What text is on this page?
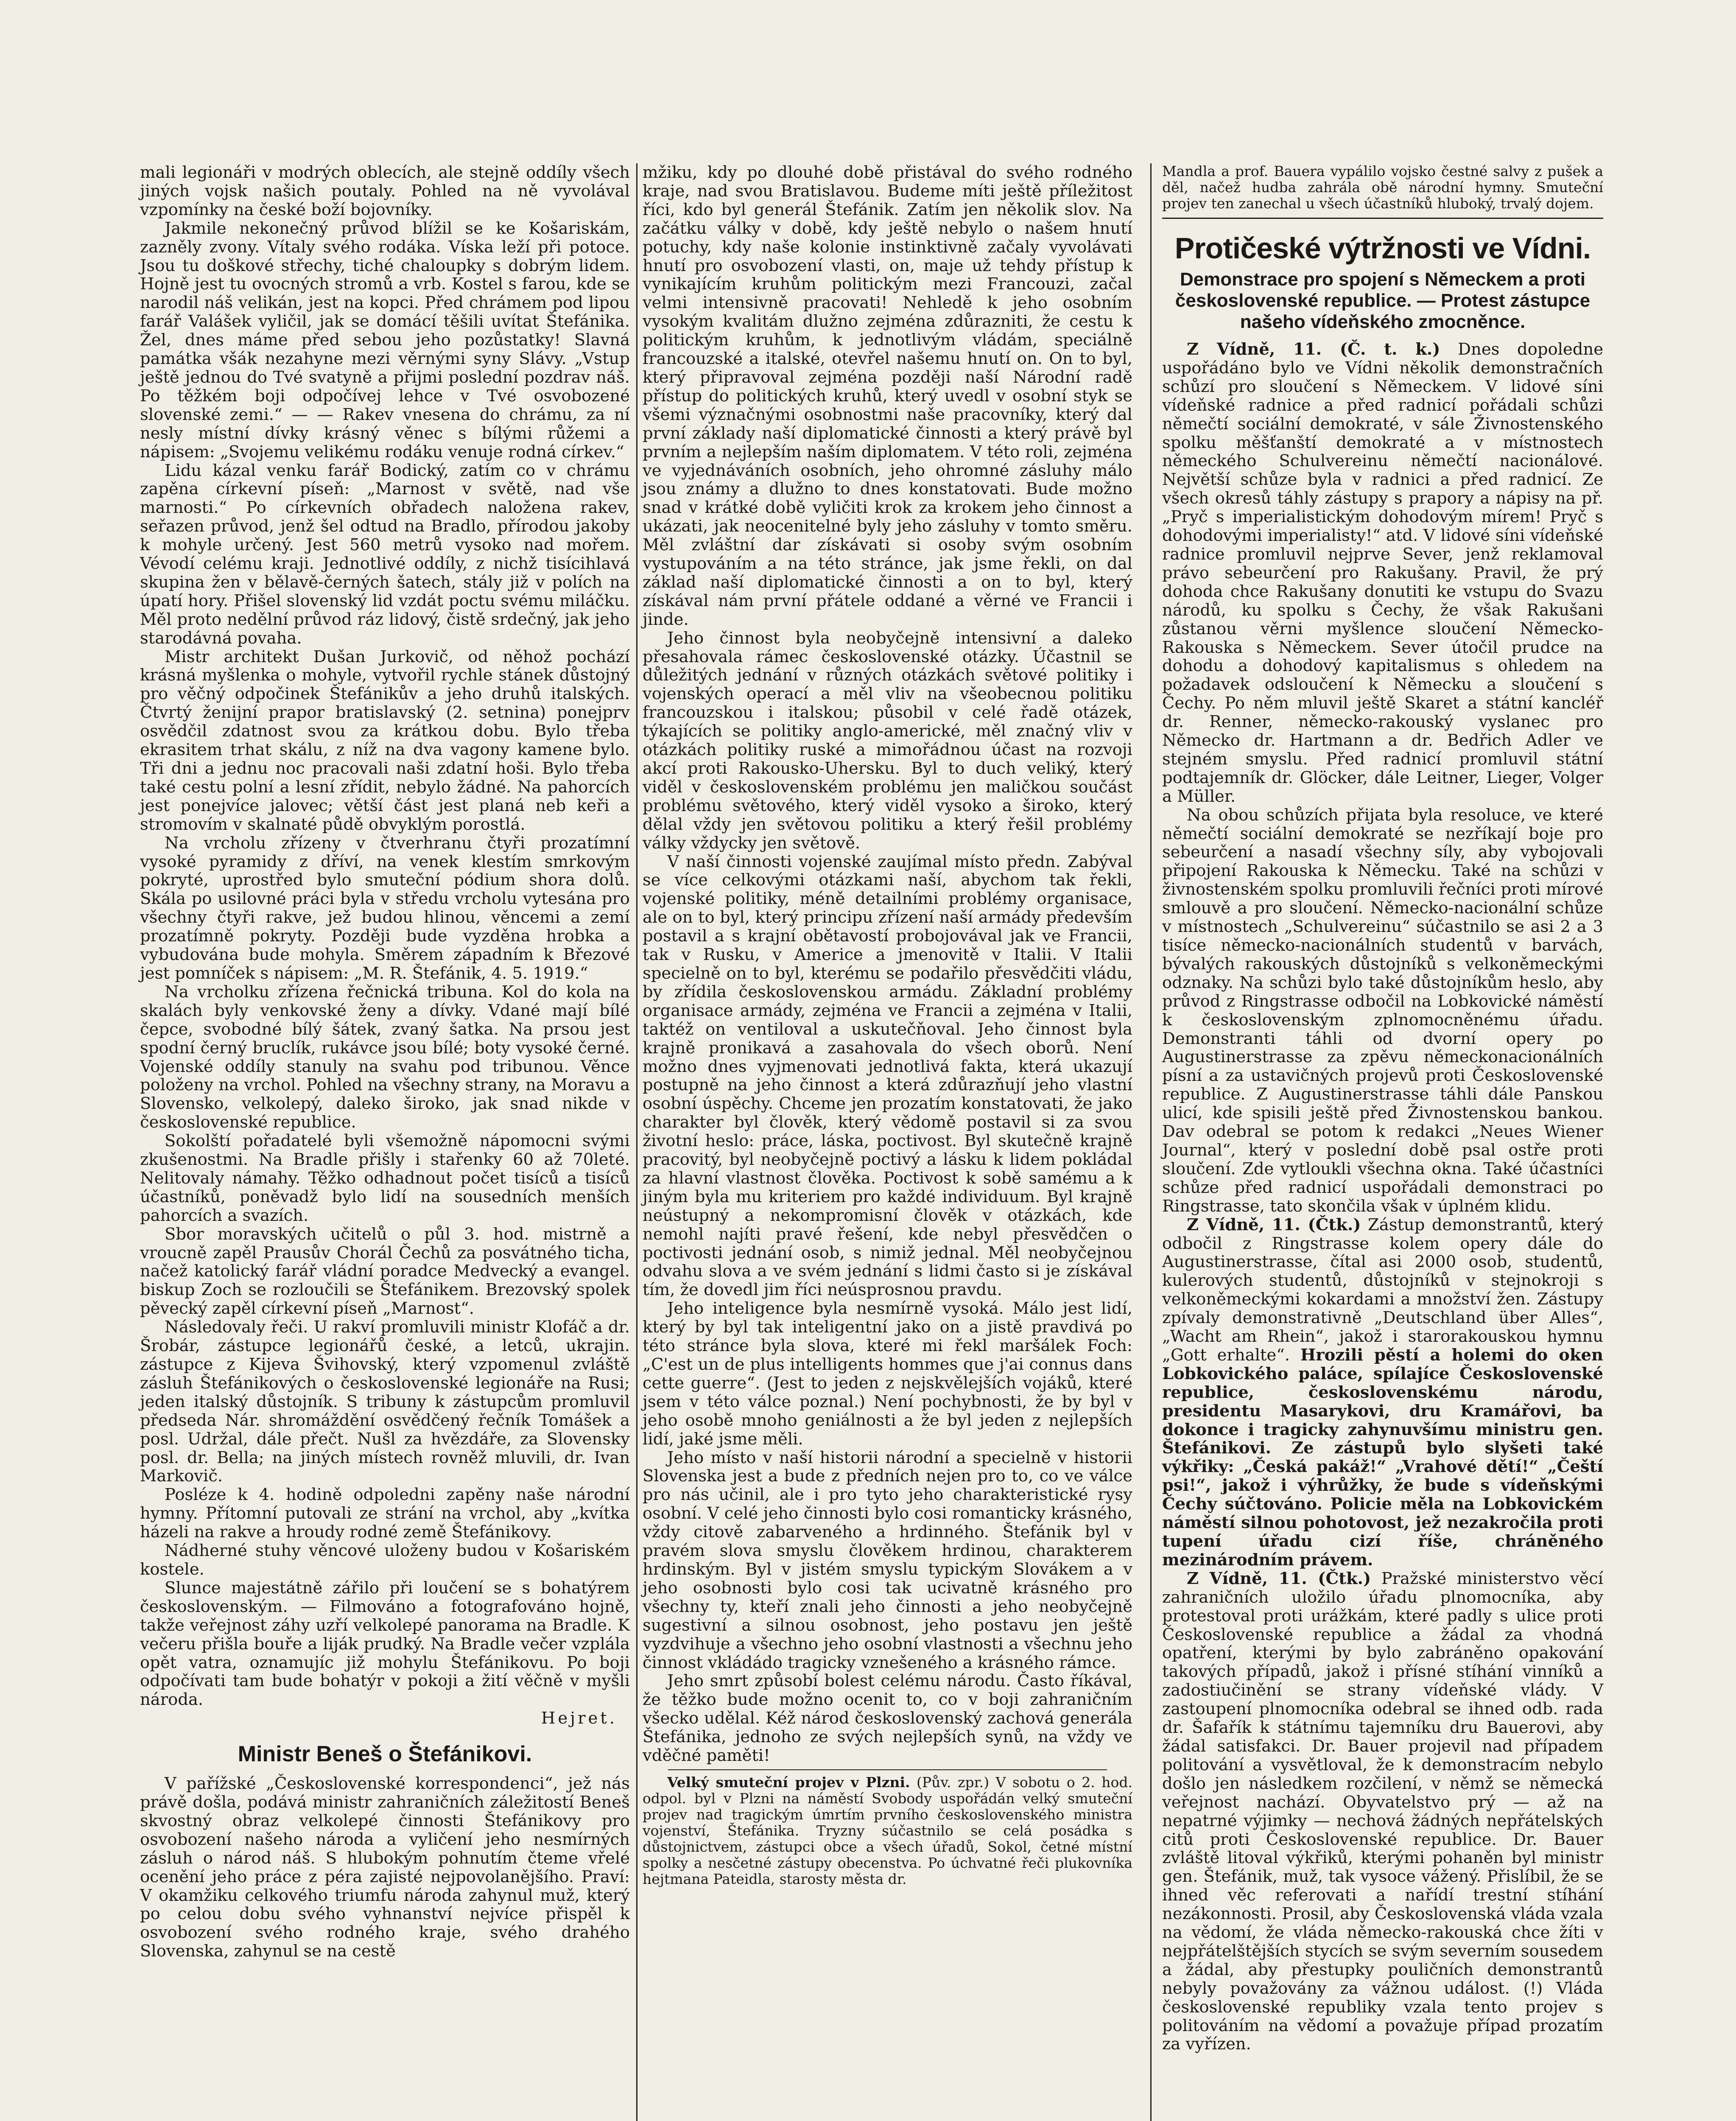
mali legionáři v modrých oblecích, ale stejně oddíly všech jiných vojsk našich poutaly. Pohled na ně vyvolával vzpomínky na české boží bojovníky.

Jakmile nekonečný průvod blížil se ke Košariskám, zazněly zvony. Vítaly svého rodáka. Víska leží při potoce. Jsou tu doškové střechy, tiché chaloupky s dobrým lidem. Hojně jest tu ovocných stromů a vrb. Kostel s farou, kde se narodil náš velikán, jest na kopci. Před chrámem pod lipou farář Valášek vyličil, jak se domácí těšili uvítat Štefánika. Žel, dnes máme před sebou jeho pozůstatky! Slavná památka všák nezahyne mezi věrnými syny Slávy. „Vstup ještě jednou do Tvé svatyně a přijmi poslední pozdrav náš. Po těžkém boji odpočívej lehce v Tvé osvobozené slovenské zemi.“ — — Rakev vnesena do chrámu, za ní nesly místní dívky krásný věnec s bílými růžemi a nápisem: „Svojemu velikému rodáku venuje rodná církev.“

Lidu kázal venku farář Bodický, zatím co v chrámu zapěna církevní píseň: „Marnost v světě, nad vše marnosti.“ Po církevních obřadech naložena rakev, seřazen průvod, jenž šel odtud na Bradlo, přírodou jakoby k mohyle určený. Jest 560 metrů vysoko nad mořem. Vévodí celému kraji. Jednotlivé oddíly, z nichž tisícihlavá skupina žen v bělavě-černých šatech, stály již v polích na úpatí hory. Přišel slovenský lid vzdát poctu svému miláčku. Měl proto nedělní průvod ráz lidový, čistě srdečný, jak jeho starodávná povaha.

Mistr architekt Dušan Jurkovič, od něhož pochází krásná myšlenka o mohyle, vytvořil rychle stánek důstojný pro věčný odpočinek Štefánikův a jeho druhů italských. Čtvrtý ženijní prapor bratislavský (2. setnina) ponejprv osvědčil zdatnost svou za krátkou dobu. Bylo třeba ekrasitem trhat skálu, z níž na dva vagony kamene bylo. Tři dni a jednu noc pracovali naši zdatní hoši. Bylo třeba také cestu polní a lesní zřídit, nebylo žádné. Na pahorcích jest ponejvíce jalovec; větší část jest planá neb keři a stromovím v skalnaté půdě obvyklým porostlá.

Na vrcholu zřízeny v čtverhranu čtyři prozatímní vysoké pyramidy z dříví, na venek klestím smrkovým pokryté, uprostřed bylo smuteční pódium shora dolů. Skála po usilovné práci byla v středu vrcholu vytesána pro všechny čtyři rakve, jež budou hlinou, věncemi a zemí prozatímně pokryty. Později bude vyzděna hrobka a vybudována bude mohyla. Směrem západním k Březové jest pomníček s nápisem: „M. R. Štefánik, 4. 5. 1919.“

Na vrcholku zřízena řečnická tribuna. Kol do kola na skalách byly venkovské ženy a dívky. Vdané mají bílé čepce, svobodné bílý šátek, zvaný šatka. Na prsou jest spodní černý bruclík, rukávce jsou bílé; boty vysoké černé. Vojenské oddíly stanuly na svahu pod tribunou. Věnce položeny na vrchol. Pohled na všechny strany, na Moravu a Slovensko, velkolepý, daleko široko, jak snad nikde v československé republice.

Sokolští pořadatelé byli všemožně nápomocni svými zkušenostmi. Na Bradle přišly i stařenky 60 až 70leté. Nelitovaly námahy. Těžko odhadnout počet tisíců a tisíců účastníků, poněvadž bylo lidí na sousedních menších pahorcích a svazích.

Sbor moravských učitelů o půl 3. hod. mistrně a vroucně zapěl Prausův Chorál Čechů za posvátného ticha, načež katolický farář vládní poradce Medvecký a evangel. biskup Zoch se rozloučili se Štefánikem. Brezovský spolek pěvecký zapěl církevní píseň „Marnost“.

Následovaly řeči. U rakví promluvili ministr Klofáč a dr. Šrobár, zástupce legionářů české, a letců, ukrajin. zástupce z Kijeva Švihovský, který vzpomenul zvláště zásluh Štefánikových o československé legionáře na Rusi; jeden italský důstojník. S tribuny k zástupcům promluvil předseda Nár. shromáždění osvědčený řečník Tomášek a posl. Udržal, dále přečt. Nušl za hvězdáře, za Slovensky posl. dr. Bella; na jiných místech rovněž mluvili, dr. Ivan Markovič.

Posléze k 4. hodině odpoledni zapěny naše národní hymny. Přítomní putovali ze strání na vrchol, aby „kvítka házeli na rakve a hroudy rodné země Štefánikovy.

Nádherné stuhy věncové uloženy budou v Košariském kostele.

Slunce majestátně zářilo při loučení se s bohatýrem československým. — Filmováno a fotografováno hojně, takže veřejnost záhy uzří velkolepé panorama na Bradle. K večeru přišla bouře a liják prudký. Na Bradle večer vzplála opět vatra, oznamujíc již mohylu Štefánikovu. Po boji odpočívati tam bude bohatýr v pokoji a žití věčně v myšli národa.

Hejret.

Ministr Beneš o Štefánikovi.

V pařížské „Československé korrespondenci“, jež nás právě došla, podává ministr zahraničních záležitostí Beneš skvostný obraz velkolepé činnosti Štefánikovy pro osvobození našeho národa a vyličení jeho nesmírných zásluh o národ náš. S hlubokým pohnutím čteme vřelé ocenění jeho práce z péra zajisté nejpovolanějšího. Praví: V okamžiku celkového triumfu národa zahynul muž, který po celou dobu svého vyhnanství nejvíce přispěl k osvobození svého rodného kraje, svého drahého Slovenska, zahynul se na cestě

mžiku, kdy po dlouhé době přistával do svého rodného kraje, nad svou Bratislavou. Budeme míti ještě příležitost říci, kdo byl generál Štefánik. Zatím jen několik slov. Na začátku války v době, kdy ještě nebylo o našem hnutí potuchy, kdy naše kolonie instinktivně začaly vyvolávati hnutí pro osvobození vlasti, on, maje už tehdy přístup k vynikajícím kruhům politickým mezi Francouzi, začal velmi intensivně pracovati! Nehledě k jeho osobním vysokým kvalitám dlužno zejména zdůrazniti, že cestu k politickým kruhům, k jednotlivým vládám, speciálně francouzské a italské, otevřel našemu hnutí on. On to byl, který připravoval zejména později naší Národní radě přístup do politických kruhů, který uvedl v osobní styk se všemi význačnými osobnostmi naše pracovníky, který dal první základy naší diplomatické činnosti a který právě byl prvním a nejlepším naším diplomatem. V této roli, zejména ve vyjednáváních osobních, jeho ohromné zásluhy málo jsou známy a dlužno to dnes konstatovati. Bude možno snad v krátké době vyličiti krok za krokem jeho činnost a ukázati, jak neocenitelné byly jeho zásluhy v tomto směru. Měl zvláštní dar získávati si osoby svým osobním vystupováním a na této stránce, jak jsme řekli, on dal základ naší diplomatické činnosti a on to byl, který získával nám první přátele oddané a věrné ve Francii i jinde.

Jeho činnost byla neobyčejně intensivní a daleko přesahovala rámec československé otázky. Účastnil se důležitých jednání v různých otázkách světové politiky i vojenských operací a měl vliv na všeobecnou politiku francouzskou i italskou; působil v celé řadě otázek, týkajících se politiky anglo-americké, měl značný vliv v otázkách politiky ruské a mimořádnou účast na rozvoji akcí proti Rakousko-Uhersku. Byl to duch veliký, který viděl v československém problému jen maličkou součást problému světového, který viděl vysoko a široko, který dělal vždy jen světovou politiku a který řešil problémy války vždycky jen světově.

V naší činnosti vojenské zaujímal místo předn. Zabýval se více celkovými otázkami naší, abychom tak řekli, vojenské politiky, méně detailními problémy organisace, ale on to byl, který principu zřízení naší armády především postavil a s krajní obětavostí probojovával jak ve Francii, tak v Rusku, v Americe a jmenovitě v Italii. V Italii specielně on to byl, kterému se podařilo přesvědčiti vládu, by zřídila československou armádu. Základní problémy organisace armády, zejména ve Francii a zejména v Italii, taktéž on ventiloval a uskutečňoval. Jeho činnost byla krajně pronikavá a zasahovala do všech oborů. Není možno dnes vyjmenovati jednotlivá fakta, která ukazují postupně na jeho činnost a která zdůrazňují jeho vlastní osobní úspěchy. Chceme jen prozatím konstatovati, že jako charakter byl člověk, který vědomě postavil si za svou životní heslo: práce, láska, poctivost. Byl skutečně krajně pracovitý, byl neobyčejně poctivý a lásku k lidem pokládal za hlavní vlastnost člověka. Poctivost k sobě samému a k jiným byla mu kriteriem pro každé individuum. Byl krajně neústupný a nekompromisní člověk v otázkách, kde nemohl najíti pravé řešení, kde nebyl přesvědčen o poctivosti jednání osob, s nimiž jednal. Měl neobyčejnou odvahu slova a ve svém jednání s lidmi často si je získával tím, že dovedl jim říci neúsprosnou pravdu.

Jeho inteligence byla nesmírně vysoká. Málo jest lidí, který by byl tak inteligentní jako on a jistě pravdivá po této stránce byla slova, které mi řekl maršálek Foch: „C'est un de plus intelligents hommes que j'ai connus dans cette guerre“. (Jest to jeden z nejskvělejších vojáků, které jsem v této válce poznal.) Není pochybnosti, že by byl v jeho osobě mnoho geniálnosti a že byl jeden z nejlepších lidí, jaké jsme měli.

Jeho místo v naší historii národní a specielně v historii Slovenska jest a bude z předních nejen pro to, co ve válce pro nás učinil, ale i pro tyto jeho charakteristické rysy osobní. V celé jeho činnosti bylo cosi romanticky krásného, vždy citově zabarveného a hrdinného. Štefánik byl v pravém slova smyslu člověkem hrdinou, charakterem hrdinským. Byl v jistém smyslu typickým Slovákem a v jeho osobnosti bylo cosi tak ucivatně krásného pro všechny ty, kteří znali jeho činnosti a jeho neobyčejně sugestivní a silnou osobnost, jeho postavu jen ještě vyzdvihuje a všechno jeho osobní vlastnosti a všechnu jeho činnost vkládádo tragicky vznešeného a krásného rámce.

Jeho smrt způsobí bolest celému národu. Často říkával, že těžko bude možno ocenit to, co v boji zahraničním všecko udělal. Kéž národ československý zachová generála Štefánika, jednoho ze svých nejlepších synů, na vždy ve vděčné paměti!

Velký smuteční projev v Plzni. (Pův. zpr.) V sobotu o 2. hod. odpol. byl v Plzni na náměstí Svobody uspořádán velký smuteční projev nad tragickým úmrtím prvního československého ministra vojenství, Štefánika. Tryzny súčastnilo se celá posádka s důstojnictvem, zástupci obce a všech úřadů, Sokol, četné místní spolky a nesčetné zástupy obecenstva. Po úchvatné řeči plukovníka hejtmana Pateidla, starosty města dr.

Mandla a prof. Bauera vypálilo vojsko čestné salvy z pušek a děl, načež hudba zahrála obě národní hymny. Smuteční projev ten zanechal u všech účastníků hluboký, trvalý dojem.

Protičeské výtržnosti ve Vídni.

Demonstrace pro spojení s Německem a proti československé republice. — Protest zástupce našeho vídeňského zmocněnce.

Z Vídně, 11. (Č. t. k.) Dnes dopoledne uspořádáno bylo ve Vídni několik demonstračních schůzí pro sloučení s Německem. V lidové síni vídeňské radnice a před radnicí pořádali schůzi němečtí sociální demokraté, v sále Živnostenského spolku měšťanští demokraté a v místnostech německého Schulvereinu němečtí nacionálové. Největší schůze byla v radnici a před radnicí. Ze všech okresů táhly zástupy s prapory a nápisy na př. „Pryč s imperialistickým dohodovým mírem! Pryč s dohodovými imperialisty!“ atd. V lidové síni vídeňské radnice promluvil nejprve Sever, jenž reklamoval právo sebeurčení pro Rakušany. Pravil, že prý dohoda chce Rakušany donutiti ke vstupu do Svazu národů, ku spolku s Čechy, že však Rakušani zůstanou věrni myšlence sloučení Německo-Rakouska s Německem. Sever útočil prudce na dohodu a dohodový kapitalismus s ohledem na požadavek odsloučení k Německu a sloučení s Čechy. Po něm mluvil ještě Skaret a státní kancléř dr. Renner, německo-rakouský vyslanec pro Německo dr. Hartmann a dr. Bedřich Adler ve stejném smyslu. Před radnicí promluvil státní podtajemník dr. Glöcker, dále Leitner, Lieger, Volger a Müller.

Na obou schůzích přijata byla resoluce, ve které němečtí sociální demokraté se nezříkají boje pro sebeurčení a nasadí všechny síly, aby vybojovali připojení Rakouska k Německu. Také na schůzi v živnostenském spolku promluvili řečníci proti mírové smlouvě a pro sloučení. Německo-nacionální schůze v místnostech „Schulvereinu“ súčastnilo se asi 2 a 3 tisíce německo-nacionálních studentů v barvách, bývalých rakouských důstojníků s velkoněmeckými odznaky. Na schůzi bylo také důstojníkům heslo, aby průvod z Ringstrasse odbočil na Lobkovické náměstí k československým zplnomocněnému úřadu. Demonstranti táhli od dvorní opery po Augustinerstrasse za zpěvu německonacionálních písní a za ustavičných projevů proti Československé republice. Z Augustinerstrasse táhli dále Panskou ulicí, kde spisili ještě před Živnostenskou bankou. Dav odebral se potom k redakci „Neues Wiener Journal“, který v poslední době psal ostře proti sloučení. Zde vytloukli všechna okna. Také účastníci schůze před radnicí uspořádali demonstraci po Ringstrasse, tato skončila však v úplném klidu.

Z Vídně, 11. (Čtk.) Zástup demonstrantů, který odbočil z Ringstrasse kolem opery dále do Augustinerstrasse, čítal asi 2000 osob, studentů, kulerových studentů, důstojníků v stejnokroji s velkoněmeckými kokardami a množství žen. Zástupy zpívaly demonstrativně „Deutschland über Alles“, „Wacht am Rhein“, jakož i starorakouskou hymnu „Gott erhalte“. Hrozili pěstí a holemi do oken Lobkovického paláce, spílajíce Československé republice, československému národu, presidentu Masarykovi, dru Kramářovi, ba dokonce i tragicky zahynuvšímu ministru gen. Štefánikovi. Ze zástupů bylo slyšeti také výkřiky: „Česká pakáž!“ „Vrahové dětí!“ „Čeští psi!“, jakož i výhrůžky, že bude s vídeňskými Čechy súčtováno. Policie měla na Lobkovickém náměstí silnou pohotovost, jež nezakročila proti tupení úřadu cizí říše, chráněného mezinárodním právem.

Z Vídně, 11. (Čtk.) Pražské ministerstvo věcí zahraničních uložilo úřadu plnomocníka, aby protestoval proti urážkám, které padly s ulice proti Československé republice a žádal za vhodná opatření, kterými by bylo zabráněno opakování takových případů, jakož i přísné stíhání vinníků a zadostiučinění se strany vídeňské vlády. V zastoupení plnomocníka odebral se ihned odb. rada dr. Šafařík k státnímu tajemníku dru Bauerovi, aby žádal satisfakci. Dr. Bauer projevil nad případem politování a vysvětloval, že k demonstracím nebylo došlo jen následkem rozčilení, v němž se německá veřejnost nachází. Obyvatelstvo prý — až na nepatrné výjimky — nechová žádných nepřátelských citů proti Československé republice. Dr. Bauer zvláště litoval výkřiků, kterými pohaněn byl ministr gen. Štefánik, muž, tak vysoce vážený. Přislíbil, že se ihned věc referovati a nařídí trestní stíhání nezákonnosti. Prosil, aby Československá vláda vzala na vědomí, že vláda německo-rakouská chce žíti v nejpřátelštějších stycích se svým severním sousedem a žádal, aby přestupky pouličních demonstrantů nebyly považovány za vážnou událost. (!) Vláda československé republiky vzala tento projev s politováním na vědomí a považuje případ prozatím za vyřízen.
